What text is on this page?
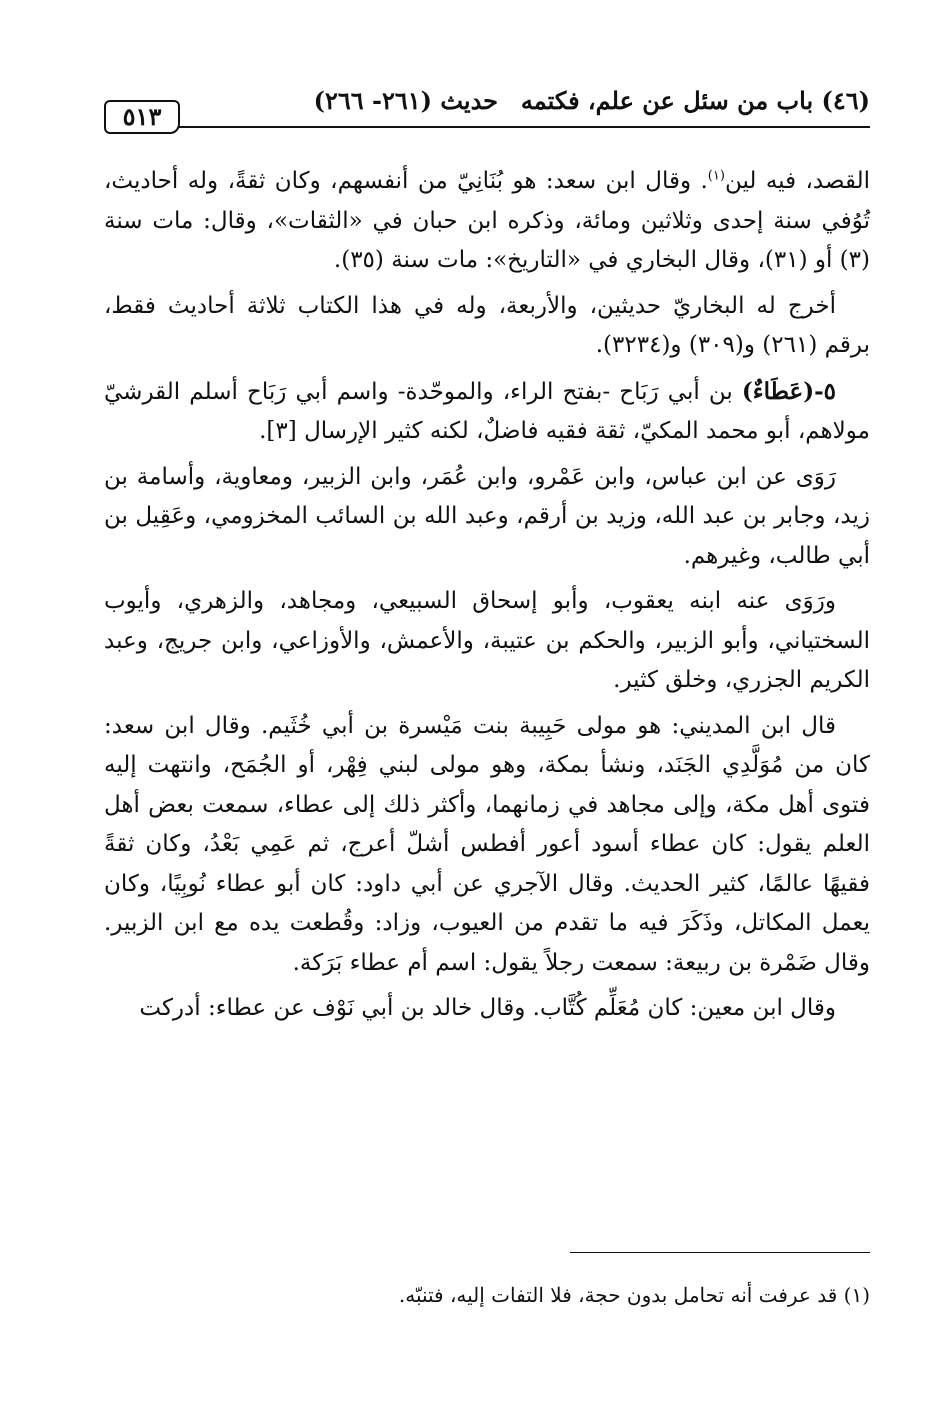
(٤٦) باب من سئل عن علم، فكتمه
حديث (٢٦١- ٢٦٦)
٥١٣

القصد، فيه لين$^{(١)}$. وقال ابن سعد: هو بُنَانِيّ من أنفسهم، وكان ثقةً، وله أحاديث، تُوُفي سنة إحدى وثلاثين ومائة، وذكره ابن حبان في «الثقات»، وقال: مات سنة (٣) أو (٣١)، وقال البخاري في «التاريخ»: مات سنة (٣٥).

أخرج له البخاريّ حديثين، والأربعة، وله في هذا الكتاب ثلاثة أحاديث فقط، برقم (٢٦١) و(٣٠٩) و(٣٢٣٤).

٥-(عَطَاءٌ) بن أبي رَبَاح -بفتح الراء، والموحّدة- واسم أبي رَبَاح أسلم القرشيّ مولاهم، أبو محمد المكيّ، ثقة فقيه فاضلٌ، لكنه كثير الإرسال [٣].

رَوَى عن ابن عباس، وابن عَمْرو، وابن عُمَر، وابن الزبير، ومعاوية، وأسامة بن زيد، وجابر بن عبد الله، وزيد بن أرقم، وعبد الله بن السائب المخزومي، وعَقِيل بن أبي طالب، وغيرهم.

ورَوَى عنه ابنه يعقوب، وأبو إسحاق السبيعي، ومجاهد، والزهري، وأيوب السختياني، وأبو الزبير، والحكم بن عتيبة، والأعمش، والأوزاعي، وابن جريج، وعبد الكريم الجزري، وخلق كثير.

قال ابن المديني: هو مولى حَبِيبة بنت مَيْسرة بن أبي خُثَيم. وقال ابن سعد: كان من مُوَلَّدِي الجَنَد، ونشأ بمكة، وهو مولى لبني فِهْر، أو الجُمَح، وانتهت إليه فتوى أهل مكة، وإلى مجاهد في زمانهما، وأكثر ذلك إلى عطاء، سمعت بعض أهل العلم يقول: كان عطاء أسود أعور أفطس أشلّ أعرج، ثم عَمِي بَعْدُ، وكان ثقةً فقيهًا عالمًا، كثير الحديث. وقال الآجري عن أبي داود: كان أبو عطاء نُوبِيًا، وكان يعمل المكاتل، وذَكَرَ فيه ما تقدم من العيوب، وزاد: وقُطعت يده مع ابن الزبير. وقال ضَمْرة بن ربيعة: سمعت رجلاً يقول: اسم أم عطاء بَرَكة.

وقال ابن معين: كان مُعَلِّم كُتَّاب. وقال خالد بن أبي نَوْف عن عطاء: أدركت

(١) قد عرفت أنه تحامل بدون حجة، فلا التفات إليه، فتنبّه.
